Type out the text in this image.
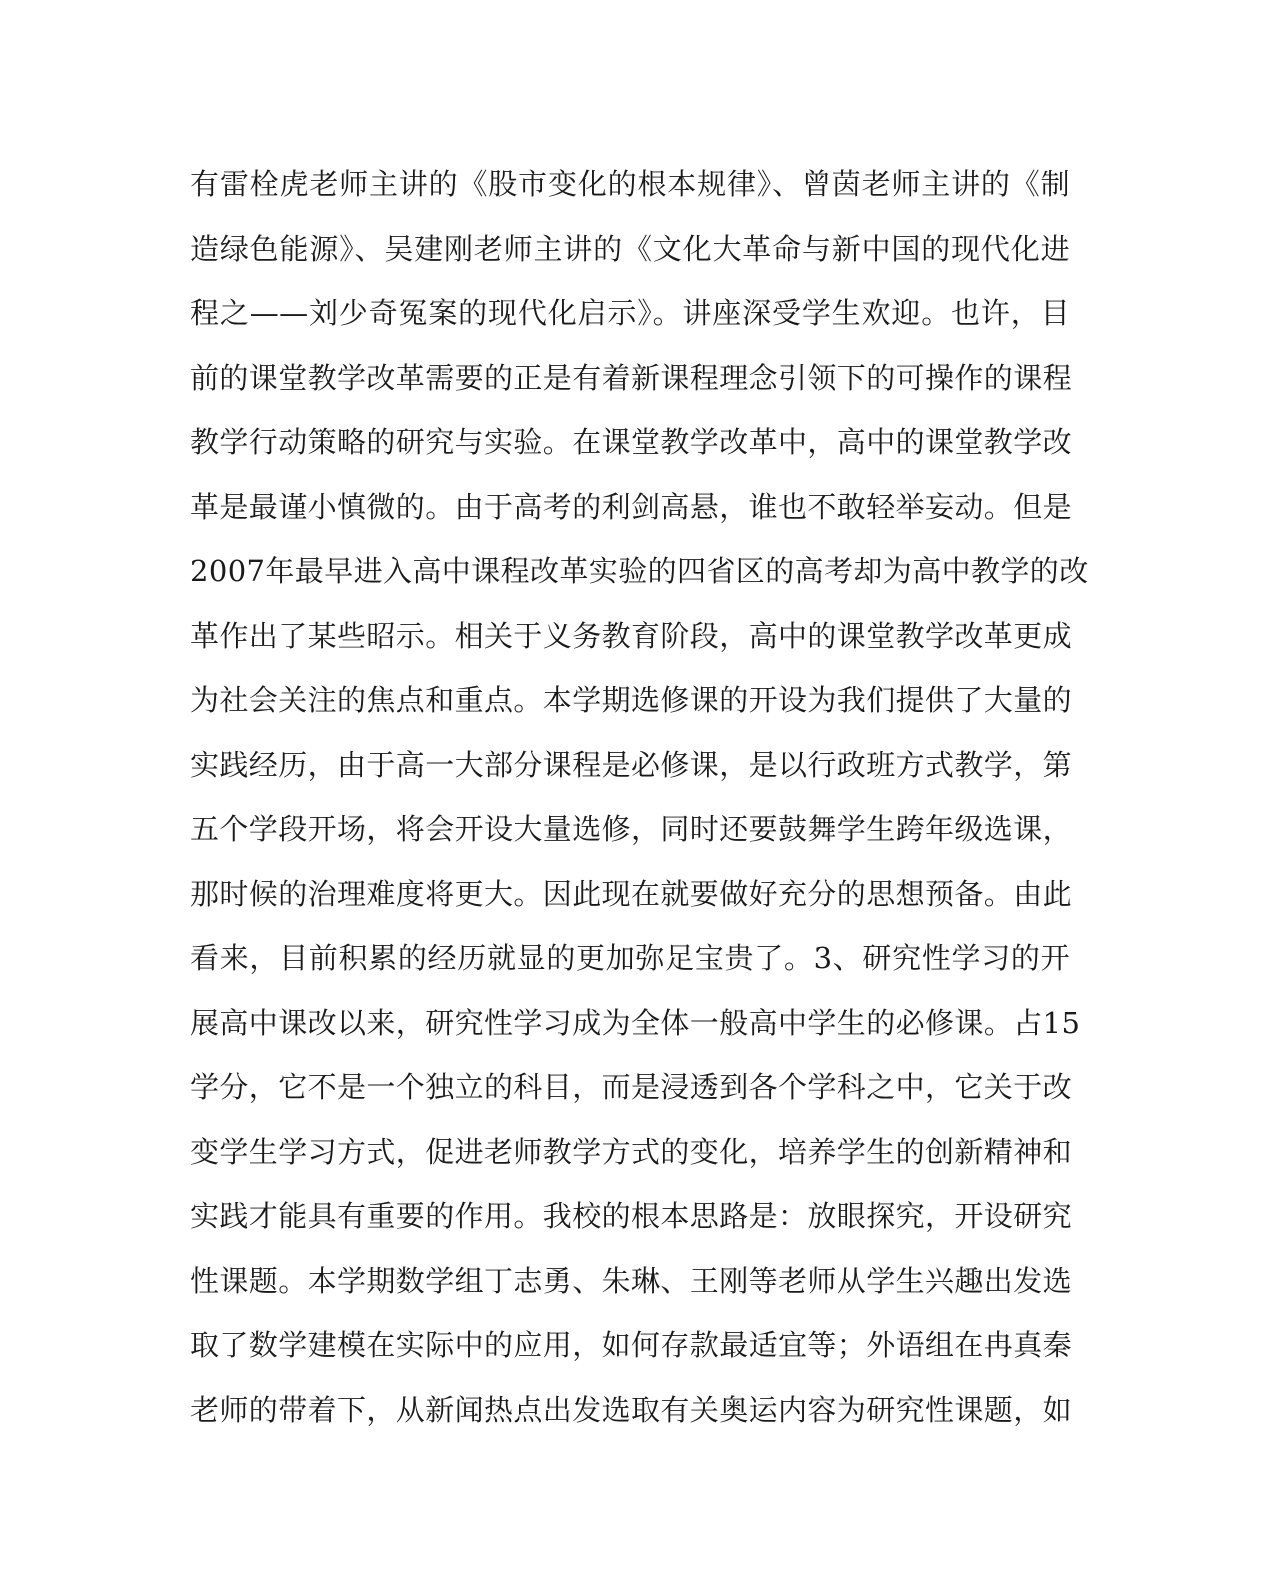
有雷栓虎老师主讲的《股市变化的根本规律》、曾茵老师主讲的《制
造绿色能源》、吴建刚老师主讲的《文化大革命与新中国的现代化进
程之——刘少奇冤案的现代化启示》。讲座深受学生欢迎。也许，目
前的课堂教学改革需要的正是有着新课程理念引领下的可操作的课程
教学行动策略的研究与实验。在课堂教学改革中，高中的课堂教学改
革是最谨小慎微的。由于高考的利剑高悬，谁也不敢轻举妄动。但是
2007年最早进入高中课程改革实验的四省区的高考却为高中教学的改
革作出了某些昭示。相关于义务教育阶段，高中的课堂教学改革更成
为社会关注的焦点和重点。本学期选修课的开设为我们提供了大量的
实践经历，由于高一大部分课程是必修课，是以行政班方式教学，第
五个学段开场，将会开设大量选修，同时还要鼓舞学生跨年级选课，
那时候的治理难度将更大。因此现在就要做好充分的思想预备。由此
看来，目前积累的经历就显的更加弥足宝贵了。3、研究性学习的开
展高中课改以来，研究性学习成为全体一般高中学生的必修课。占15
学分，它不是一个独立的科目，而是浸透到各个学科之中，它关于改
变学生学习方式，促进老师教学方式的变化，培养学生的创新精神和
实践才能具有重要的作用。我校的根本思路是：放眼探究，开设研究
性课题。本学期数学组丁志勇、朱琳、王刚等老师从学生兴趣出发选
取了数学建模在实际中的应用，如何存款最适宜等；外语组在冉真秦
老师的带着下，从新闻热点出发选取有关奥运内容为研究性课题，如
